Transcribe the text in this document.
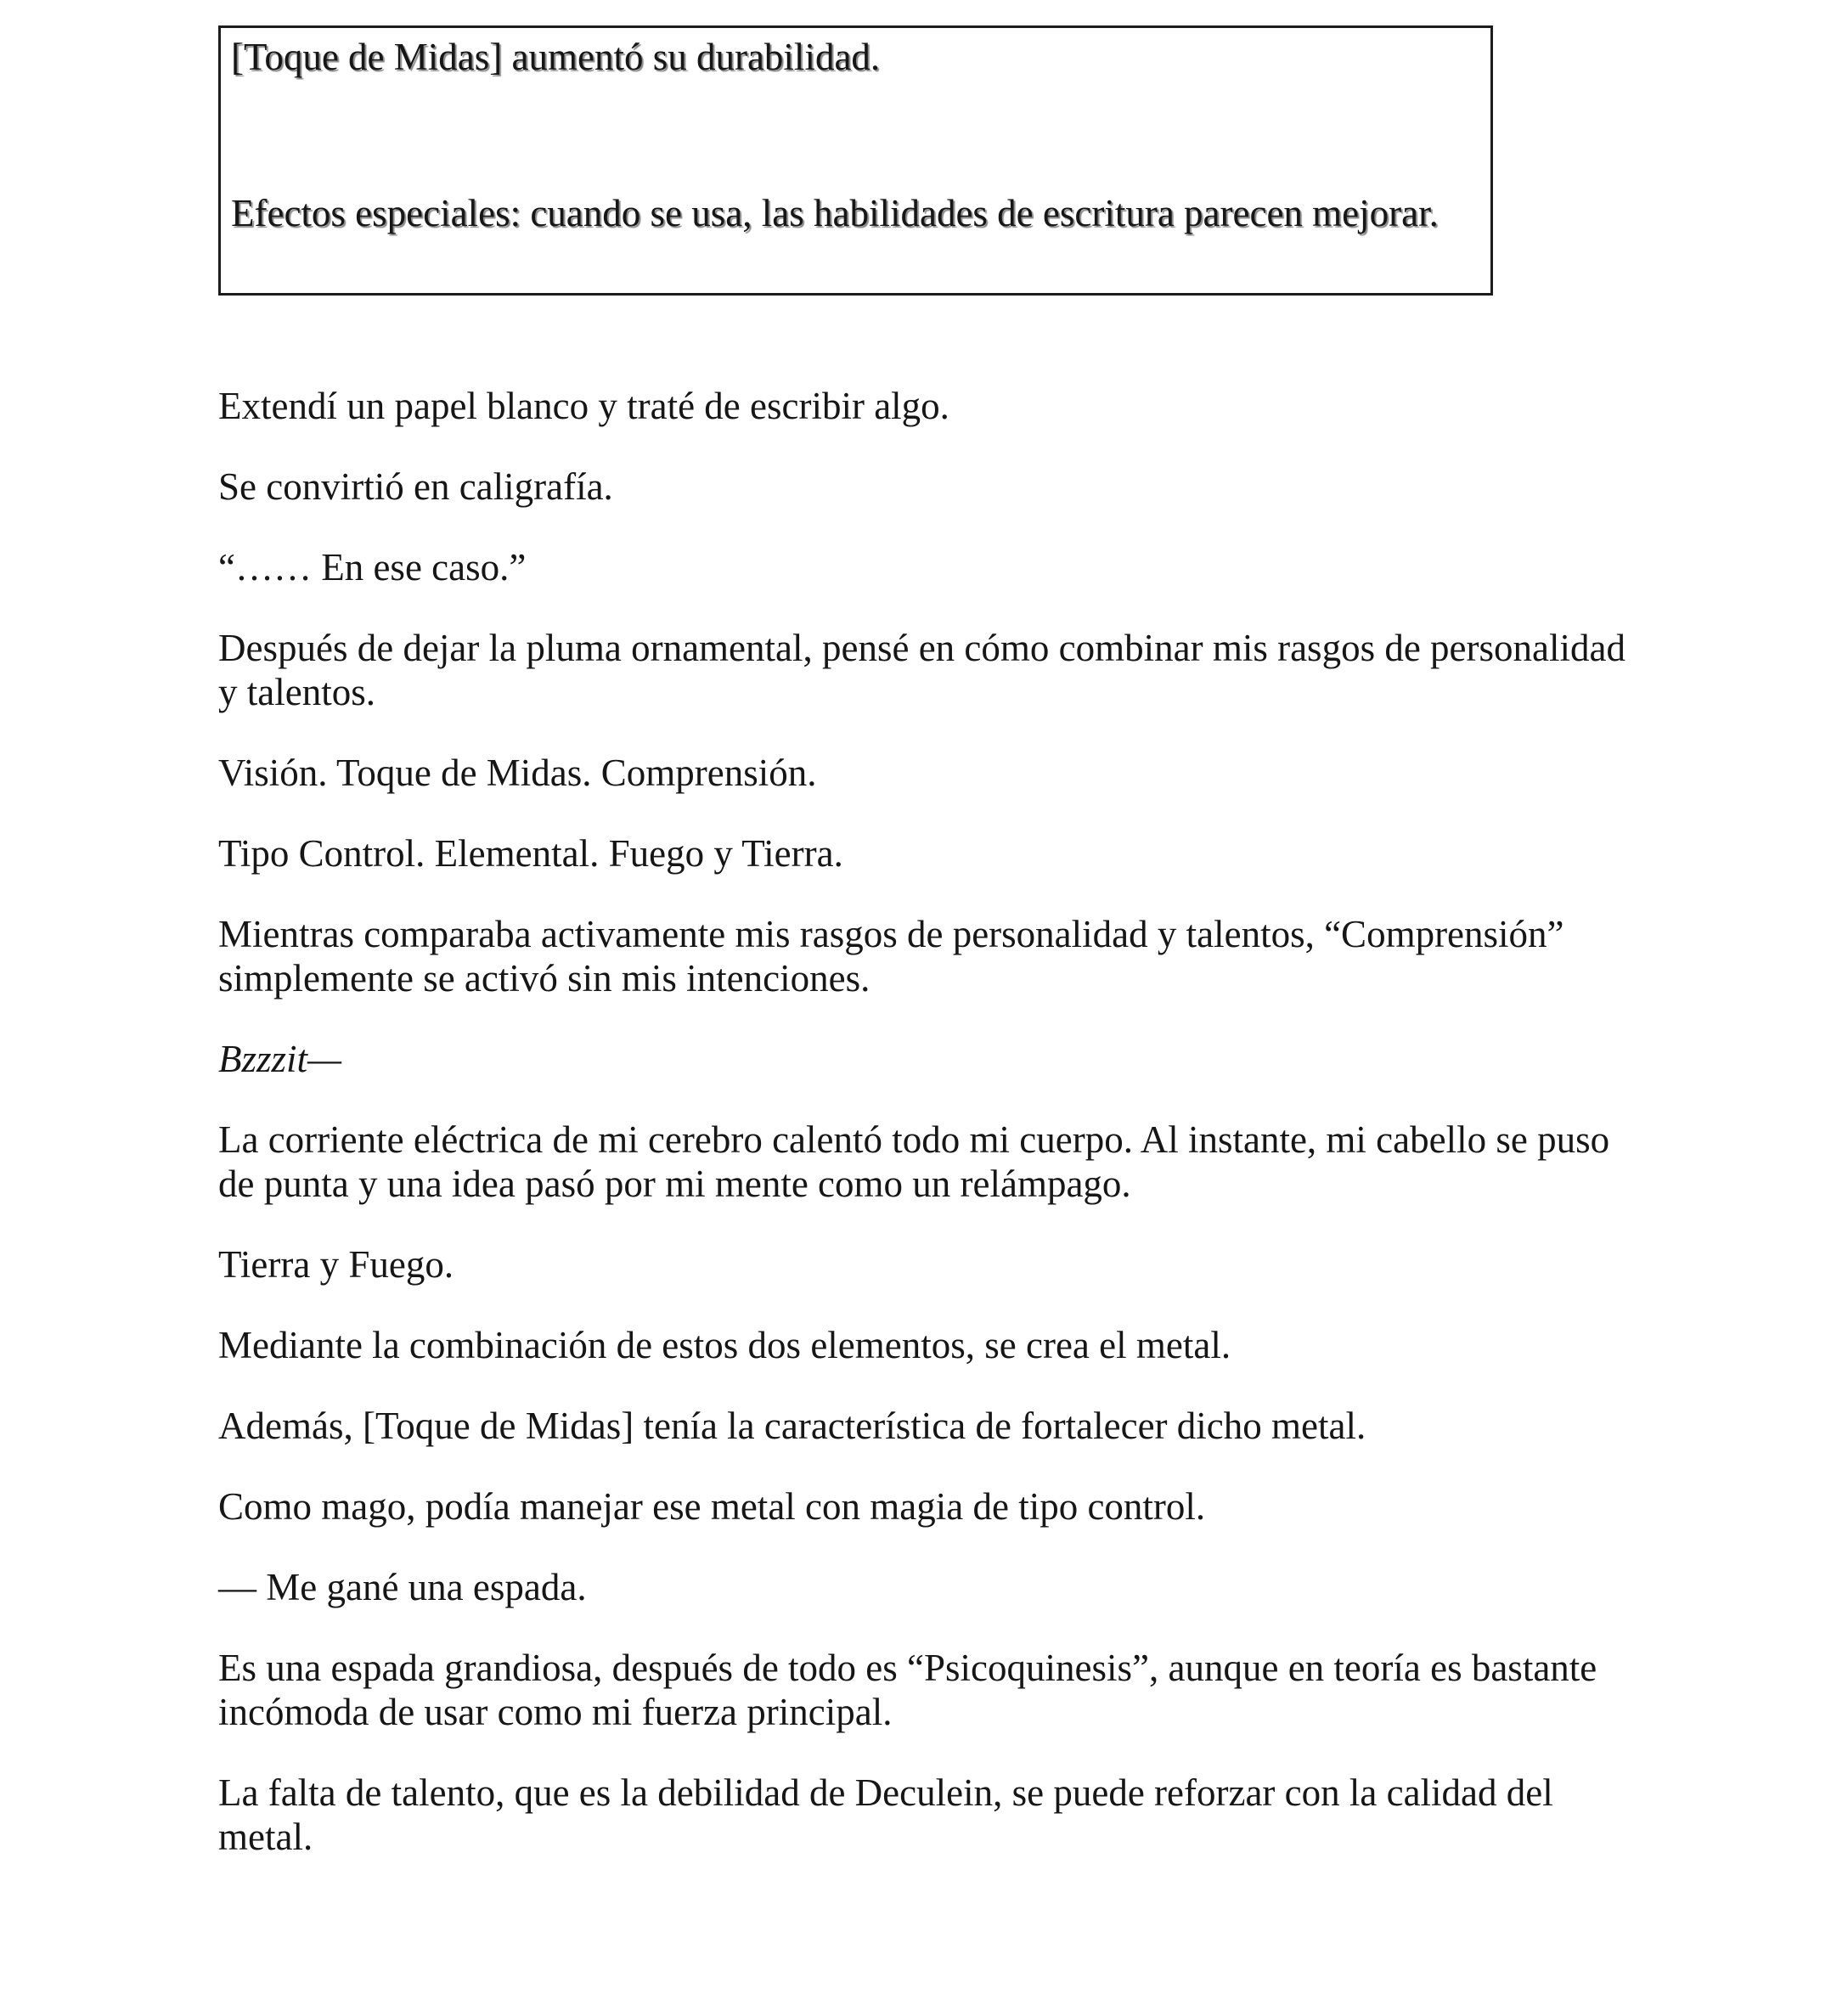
[Toque de Midas] aumentó su durabilidad.

Efectos especiales: cuando se usa, las habilidades de escritura parecen mejorar.

Extendí un papel blanco y traté de escribir algo.

Se convirtió en caligrafía.

“…… En ese caso.”

Después de dejar la pluma ornamental, pensé en cómo combinar mis rasgos de personalidad y talentos.

Visión. Toque de Midas. Comprensión.

Tipo Control. Elemental. Fuego y Tierra.

Mientras comparaba activamente mis rasgos de personalidad y talentos, “Comprensión” simplemente se activó sin mis intenciones.

Bzzzit—

La corriente eléctrica de mi cerebro calentó todo mi cuerpo. Al instante, mi cabello se puso de punta y una idea pasó por mi mente como un relámpago.

Tierra y Fuego.

Mediante la combinación de estos dos elementos, se crea el metal.

Además, [Toque de Midas] tenía la característica de fortalecer dicho metal.

Como mago, podía manejar ese metal con magia de tipo control.

— Me gané una espada.

Es una espada grandiosa, después de todo es “Psicoquinesis”, aunque en teoría es bastante incómoda de usar como mi fuerza principal.

La falta de talento, que es la debilidad de Deculein, se puede reforzar con la calidad del metal.
